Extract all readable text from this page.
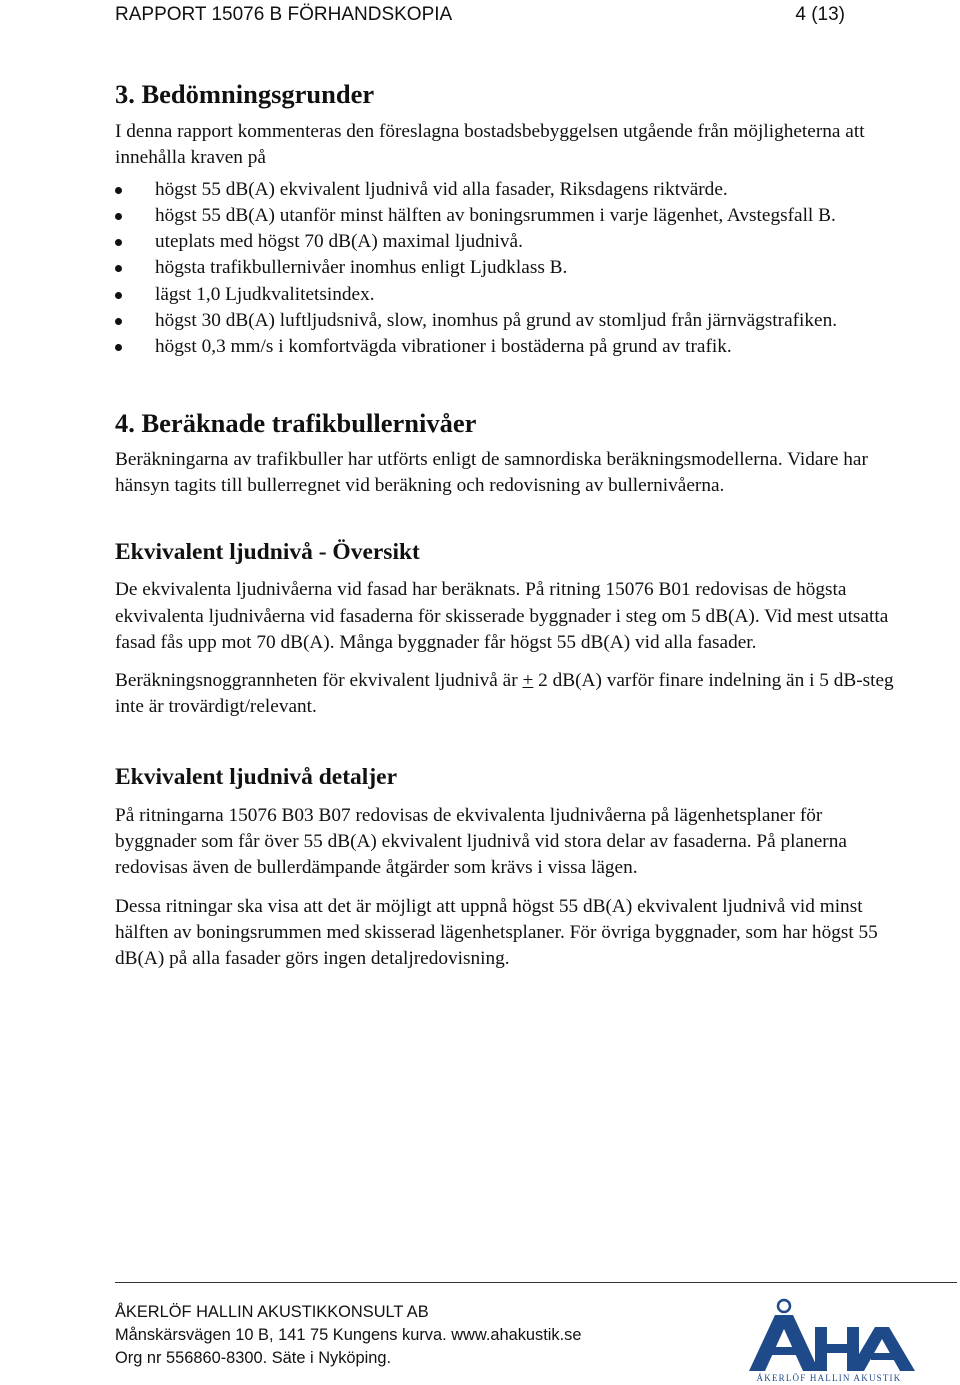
RAPPORT 15076 B FÖRHANDSKOPIA	4 (13)
3. Bedömningsgrunder

I denna rapport kommenteras den föreslagna bostadsbebyggelsen utgående från möjligheterna att innehålla kraven på

högst 55 dB(A) ekvivalent ljudnivå vid alla fasader, Riksdagens riktvärde.
högst 55 dB(A) utanför minst hälften av boningsrummen i varje lägenhet, Avstegsfall B.
uteplats med högst 70 dB(A) maximal ljudnivå.
högsta trafikbullernivåer inomhus enligt Ljudklass B.
lägst 1,0 Ljudkvalitetsindex.
högst 30 dB(A) luftljudsnivå, slow, inomhus på grund av stomljud från järnvägstrafiken.
högst 0,3 mm/s i komfortvägda vibrationer i bostäderna på grund av trafik.
4. Beräknade trafikbullernivåer

Beräkningarna av trafikbuller har utförts enligt de samnordiska beräkningsmodellerna. Vidare har hänsyn tagits till bullerregnet vid beräkning och redovisning av bullernivåerna.

Ekvivalent ljudnivå - Översikt

De ekvivalenta ljudnivåerna vid fasad har beräknats. På ritning 15076 B01 redovisas de högsta ekvivalenta ljudnivåerna vid fasaderna för skisserade byggnader i steg om 5 dB(A). Vid mest utsatta fasad fås upp mot 70 dB(A). Många byggnader får högst 55 dB(A) vid alla fasader.

Beräkningsnoggrannheten för ekvivalent ljudnivå är + 2 dB(A) varför finare indelning än i 5 dB-steg inte är trovärdigt/relevant.

Ekvivalent ljudnivå detaljer

På ritningarna 15076 B03 B07 redovisas de ekvivalenta ljudnivåerna på lägenhetsplaner för byggnader som får över 55 dB(A) ekvivalent ljudnivå vid stora delar av fasaderna. På planerna redovisas även de bullerdämpande åtgärder som krävs i vissa lägen.

Dessa ritningar ska visa att det är möjligt att uppnå högst 55 dB(A) ekvivalent ljudnivå vid minst hälften av boningsrummen med skisserad lägenhetsplaner. För övriga byggnader, som har högst 55 dB(A) på alla fasader görs ingen detaljredovisning.

ÅKERLÖF HALLIN AKUSTIKKONSULT AB
Månskärsvägen 10 B, 141 75 Kungens kurva. www.ahakustik.se
Org nr 556860-8300. Säte i Nyköping.
ÅKERLÖF HALLIN AKUSTIK
